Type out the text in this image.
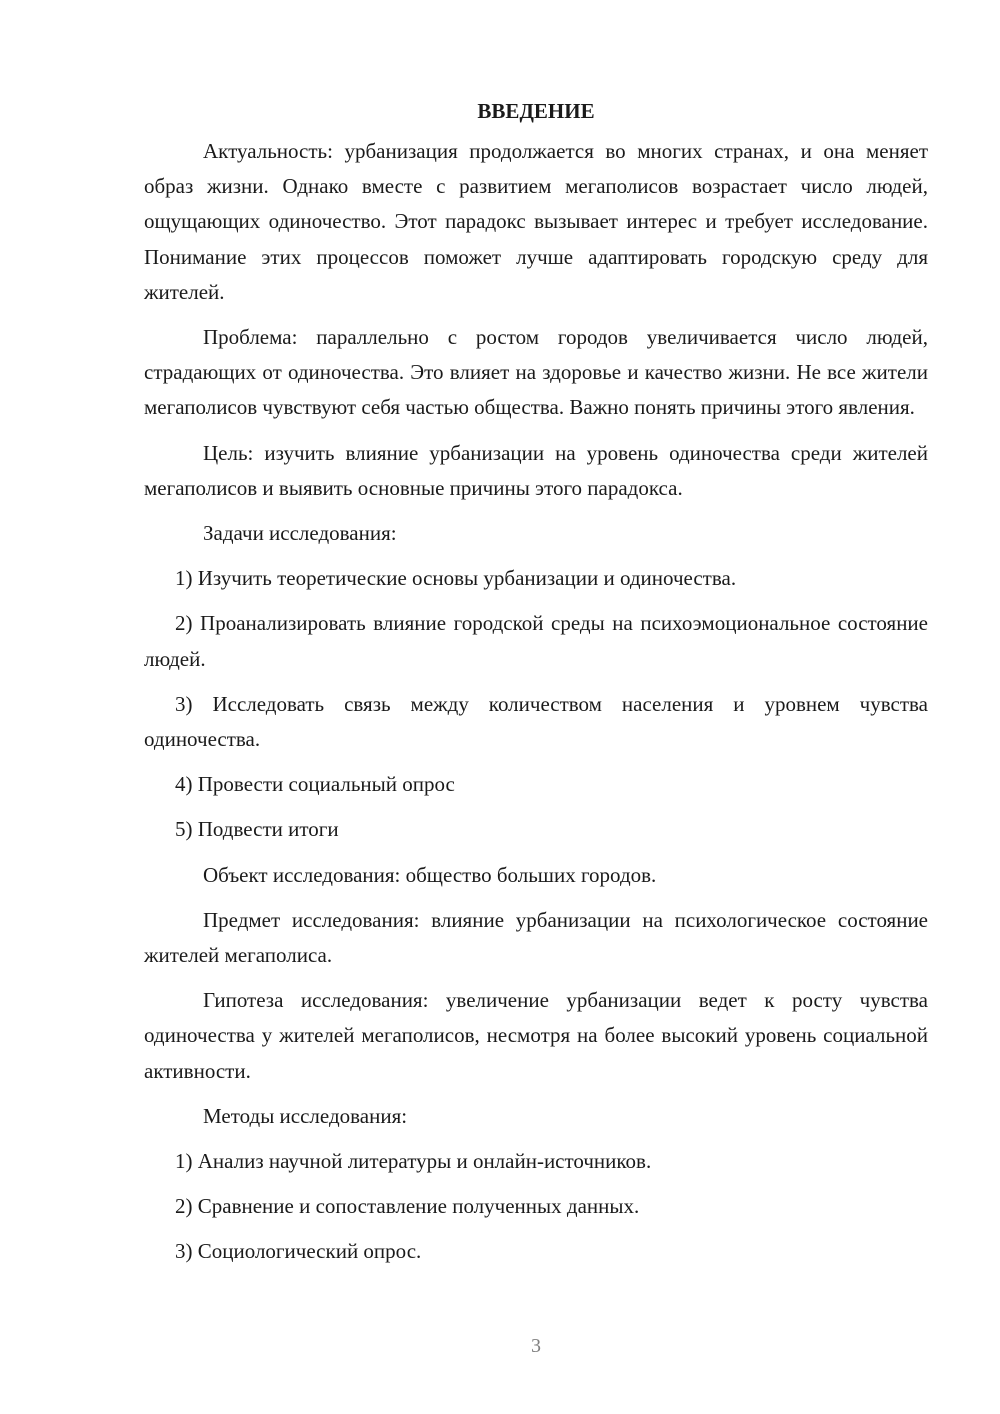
ВВЕДЕНИЕ

Актуальность: урбанизация продолжается во многих странах, и она меняет образ жизни. Однако вместе с развитием мегаполисов возрастает число людей, ощущающих одиночество. Этот парадокс вызывает интерес и требует исследование. Понимание этих процессов поможет лучше адаптировать городскую среду для жителей.

Проблема: параллельно с ростом городов увеличивается число людей, страдающих от одиночества. Это влияет на здоровье и качество жизни. Не все жители мегаполисов чувствуют себя частью общества. Важно понять причины этого явления.

Цель: изучить влияние урбанизации на уровень одиночества среди жителей мегаполисов и выявить основные причины этого парадокса.

Задачи исследования:

1) Изучить теоретические основы урбанизации и одиночества.

2) Проанализировать влияние городской среды на психоэмоциональное состояние людей.

3) Исследовать связь между количеством населения и уровнем чувства одиночества.

4) Провести социальный опрос

5) Подвести итоги

Объект исследования: общество больших городов.

Предмет исследования: влияние урбанизации на психологическое состояние жителей мегаполиса.

Гипотеза исследования: увеличение урбанизации ведет к росту чувства одиночества у жителей мегаполисов, несмотря на более высокий уровень социальной активности.

Методы исследования:

1) Анализ научной литературы и онлайн-источников.

2) Сравнение и сопоставление полученных данных.

3) Социологический опрос.

3
